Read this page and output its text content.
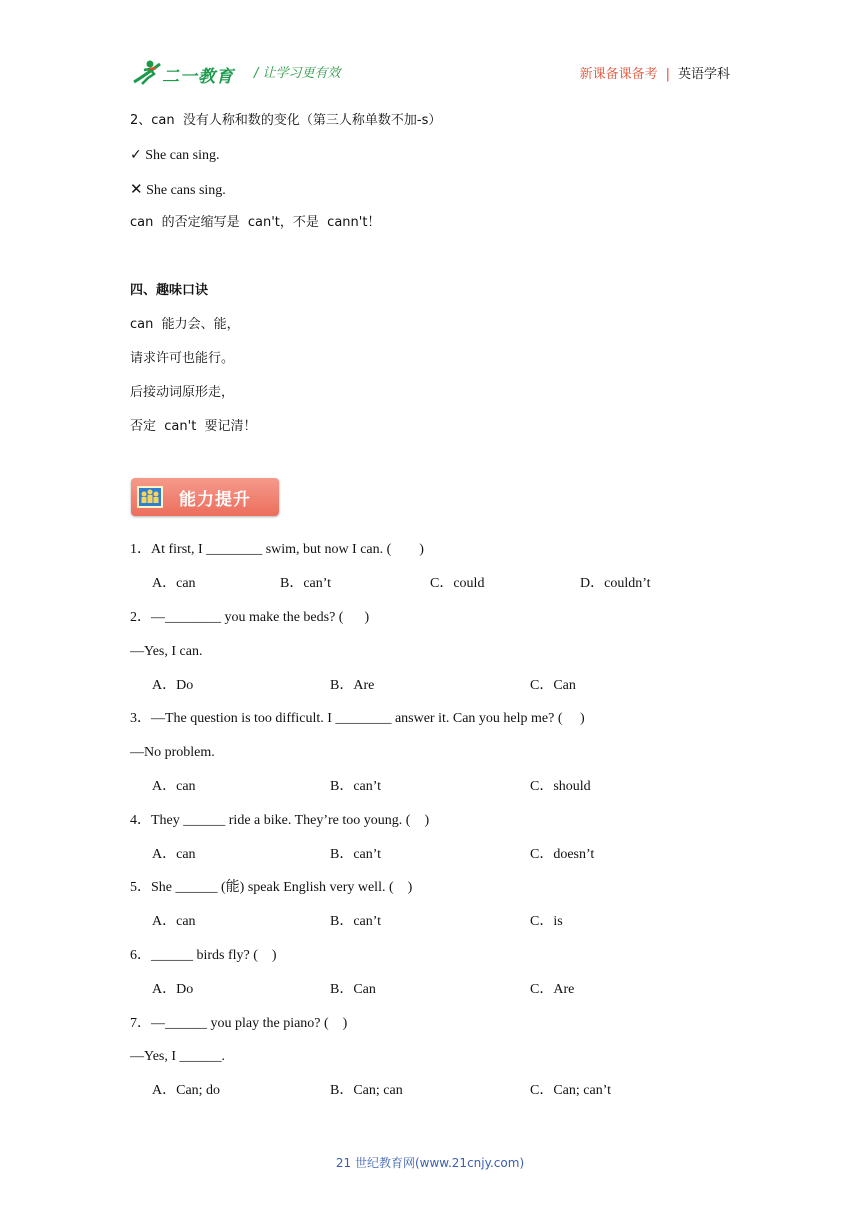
二一教育 / 让学习更有效	新课备课备考 | 英语学科
2、can  没有人称和数的变化（第三人称单数不加-s）
✓ She can sing.
✕ She cans sing.
can  的否定缩写是  can't，不是  cann't！
四、趣味口诀
can  能力会、能，
请求许可也能行。
后接动词原形走，
否定  can't  要记清！
能力提升
1．At first, I ________ swim, but now I can. (        )
A．can	B．can’t	C．could	D．couldn’t
2．—________ you make the beds? (      )
—Yes, I can.
A．Do	B．Are	C．Can
3．—The question is too difficult. I ________ answer it. Can you help me? (     )
—No problem.
A．can	B．can’t	C．should
4．They ______ ride a bike. They’re too young. (    )
A．can	B．can’t	C．doesn’t
5．She ______ (能) speak English very well. (    )
A．can	B．can’t	C．is
6．______ birds fly? (    )
A．Do	B．Can	C．Are
7．—______ you play the piano? (    )
—Yes, I ______.
A．Can; do	B．Can; can	C．Can; can’t
21 世纪教育网(www.21cnjy.com)
